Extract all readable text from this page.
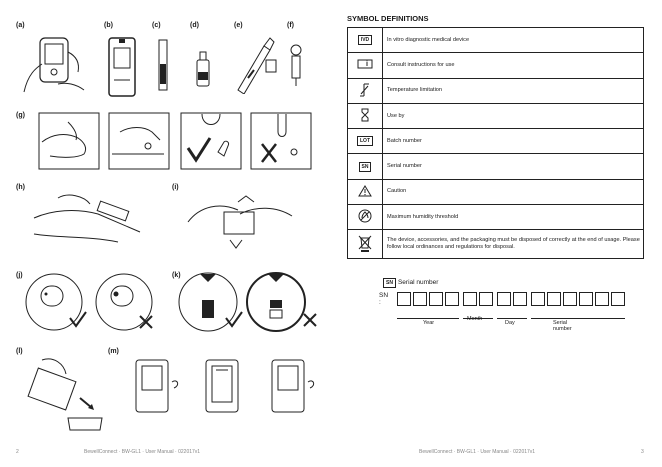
(a)	(b)	(c)	(d)	(e)	(f)
(g)
(h)	(i)
(j)	(k)
(l)	(m)
2	BewellConnect · BW-GL1 · User Manual · 022017v1
SYMBOL DEFINITIONS
IVD	In vitro diagnostic medical device
	Consult instructions for use
	Temperature limitation
	Use by
LOT	Batch number
SN	Serial number
	Caution
	Maximum humidity threshold
	The device, accessories, and the packaging must be disposed of correctly at the end of usage. Please follow local ordinances and regulations for disposal.
SN Serial number
SN :
Year
Month
Day	Serial number
BewellConnect · BW-GL1 · User Manual · 022017v1	3
